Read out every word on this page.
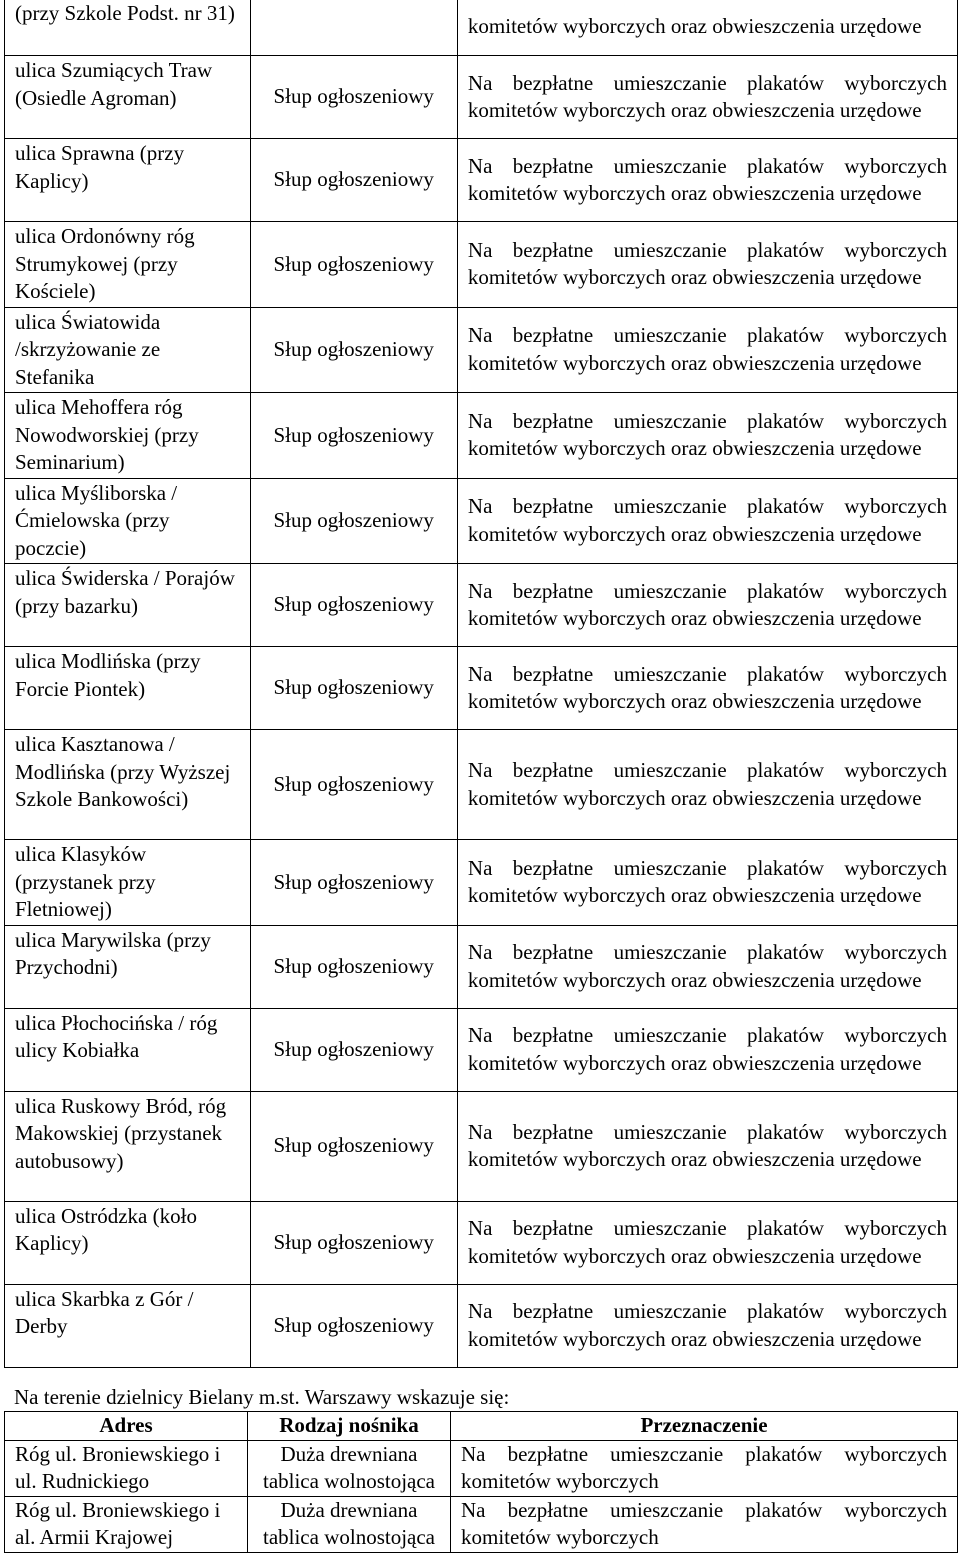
(przy Szkole Podst. nr 31)		komitetów wyborczych oraz obwieszczenia urzędowe
ulica Szumiących Traw (Osiedle Agroman)	Słup ogłoszeniowy	Na bezpłatne umieszczanie plakatów wyborczych komitetów wyborczych oraz obwieszczenia urzędowe
ulica Sprawna (przy Kaplicy)	Słup ogłoszeniowy	Na bezpłatne umieszczanie plakatów wyborczych komitetów wyborczych oraz obwieszczenia urzędowe
ulica Ordonówny róg Strumykowej (przy Kościele)	Słup ogłoszeniowy	Na bezpłatne umieszczanie plakatów wyborczych komitetów wyborczych oraz obwieszczenia urzędowe
ulica Światowida /skrzyżowanie ze Stefanika	Słup ogłoszeniowy	Na bezpłatne umieszczanie plakatów wyborczych komitetów wyborczych oraz obwieszczenia urzędowe
ulica Mehoffera róg Nowodworskiej (przy Seminarium)	Słup ogłoszeniowy	Na bezpłatne umieszczanie plakatów wyborczych komitetów wyborczych oraz obwieszczenia urzędowe
ulica Myśliborska / Ćmielowska (przy poczcie)	Słup ogłoszeniowy	Na bezpłatne umieszczanie plakatów wyborczych komitetów wyborczych oraz obwieszczenia urzędowe
ulica Świderska / Porajów (przy bazarku)	Słup ogłoszeniowy	Na bezpłatne umieszczanie plakatów wyborczych komitetów wyborczych oraz obwieszczenia urzędowe
ulica Modlińska (przy Forcie Piontek)	Słup ogłoszeniowy	Na bezpłatne umieszczanie plakatów wyborczych komitetów wyborczych oraz obwieszczenia urzędowe
ulica Kasztanowa / Modlińska (przy Wyższej Szkole Bankowości)	Słup ogłoszeniowy	Na bezpłatne umieszczanie plakatów wyborczych komitetów wyborczych oraz obwieszczenia urzędowe
ulica Klasyków (przystanek przy Fletniowej)	Słup ogłoszeniowy	Na bezpłatne umieszczanie plakatów wyborczych komitetów wyborczych oraz obwieszczenia urzędowe
ulica Marywilska (przy Przychodni)	Słup ogłoszeniowy	Na bezpłatne umieszczanie plakatów wyborczych komitetów wyborczych oraz obwieszczenia urzędowe
ulica Płochocińska / róg ulicy Kobiałka	Słup ogłoszeniowy	Na bezpłatne umieszczanie plakatów wyborczych komitetów wyborczych oraz obwieszczenia urzędowe
ulica Ruskowy Bród, róg Makowskiej (przystanek autobusowy)	Słup ogłoszeniowy	Na bezpłatne umieszczanie plakatów wyborczych komitetów wyborczych oraz obwieszczenia urzędowe
ulica Ostródzka (koło Kaplicy)	Słup ogłoszeniowy	Na bezpłatne umieszczanie plakatów wyborczych komitetów wyborczych oraz obwieszczenia urzędowe
ulica Skarbka z Gór / Derby	Słup ogłoszeniowy	Na bezpłatne umieszczanie plakatów wyborczych komitetów wyborczych oraz obwieszczenia urzędowe

Na terenie dzielnicy Bielany m.st. Warszawy wskazuje się:

Adres	Rodzaj nośnika	Przeznaczenie
Róg ul. Broniewskiego i ul. Rudnickiego	Duża drewniana tablica wolnostojąca	Na bezpłatne umieszczanie plakatów wyborczych komitetów wyborczych
Róg ul. Broniewskiego i al. Armii Krajowej	Duża drewniana tablica wolnostojąca	Na bezpłatne umieszczanie plakatów wyborczych komitetów wyborczych
